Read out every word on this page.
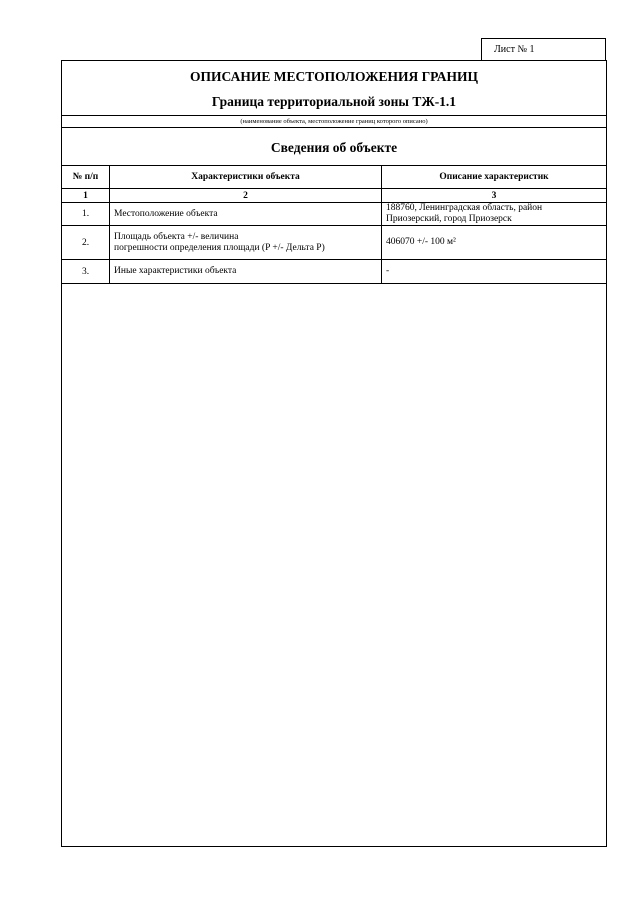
Лист № 1
ОПИСАНИЕ МЕСТОПОЛОЖЕНИЯ ГРАНИЦ
Граница территориальной зоны ТЖ-1.1
(наименование объекта, местоположение границ которого описано)
Сведения об объекте
№ п/п	Характеристики объекта	Описание характеристик
1	2	3
1.	Местоположение объекта	188760, Ленинградская область, район
Приозерский, город Приозерск

2.	Площадь объекта +/- величина
погрешности определения площади (P +/- Дельта P)	406070 +/- 100 м²

3.	Иные характеристики объекта	-
